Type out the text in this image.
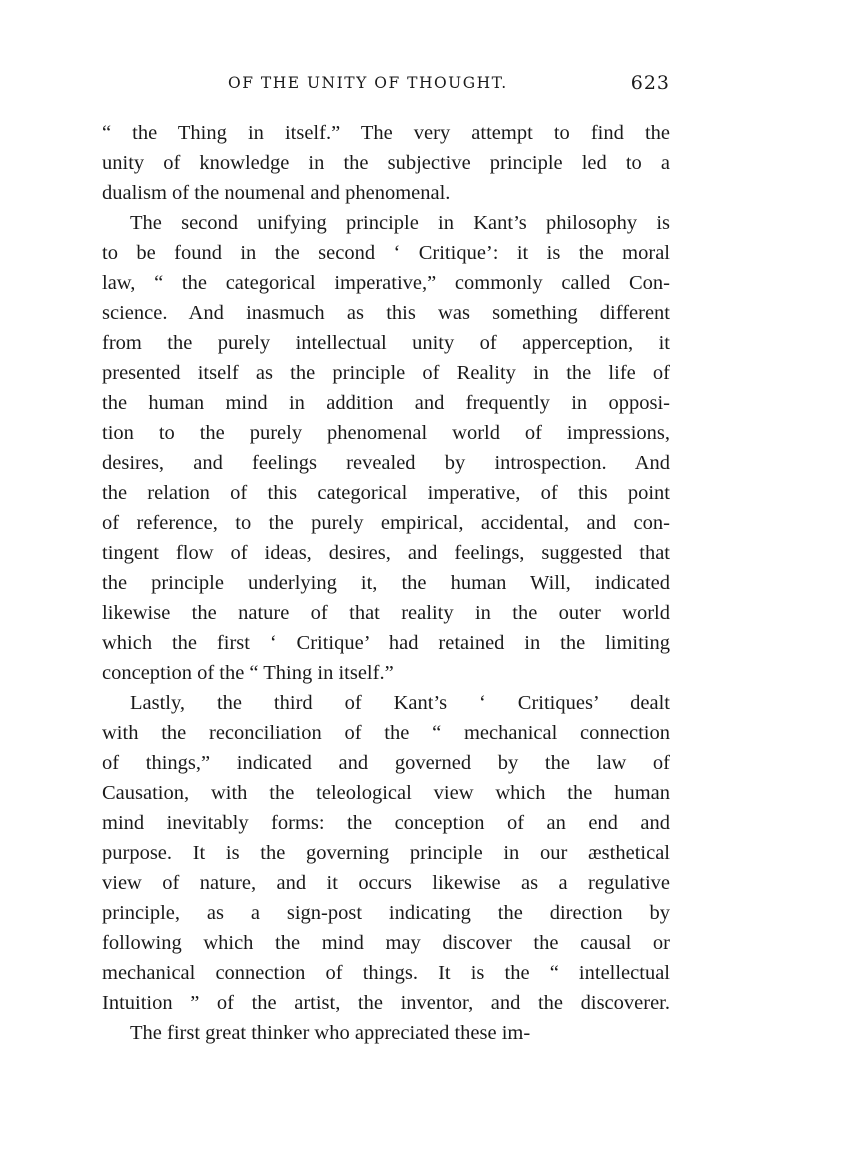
OF THE UNITY OF THOUGHT.	623
“ the Thing in itself.” The very attempt to find the
unity of knowledge in the subjective principle led to a
dualism of the noumenal and phenomenal.
The second unifying principle in Kant’s philosophy is
to be found in the second ‘ Critique’: it is the moral
law, “ the categorical imperative,” commonly called Con-
science. And inasmuch as this was something different
from the purely intellectual unity of apperception, it
presented itself as the principle of Reality in the life of
the human mind in addition and frequently in opposi-
tion to the purely phenomenal world of impressions,
desires, and feelings revealed by introspection. And
the relation of this categorical imperative, of this point
of reference, to the purely empirical, accidental, and con-
tingent flow of ideas, desires, and feelings, suggested that
the principle underlying it, the human Will, indicated
likewise the nature of that reality in the outer world
which the first ‘ Critique’ had retained in the limiting
conception of the “ Thing in itself.”
Lastly, the third of Kant’s ‘ Critiques’ dealt
with the reconciliation of the “ mechanical connection
of things,” indicated and governed by the law of
Causation, with the teleological view which the human
mind inevitably forms: the conception of an end and
purpose. It is the governing principle in our æsthetical
view of nature, and it occurs likewise as a regulative
principle, as a sign-post indicating the direction by
following which the mind may discover the causal or
mechanical connection of things. It is the “ intellectual
Intuition ” of the artist, the inventor, and the discoverer.
The first great thinker who appreciated these im-
